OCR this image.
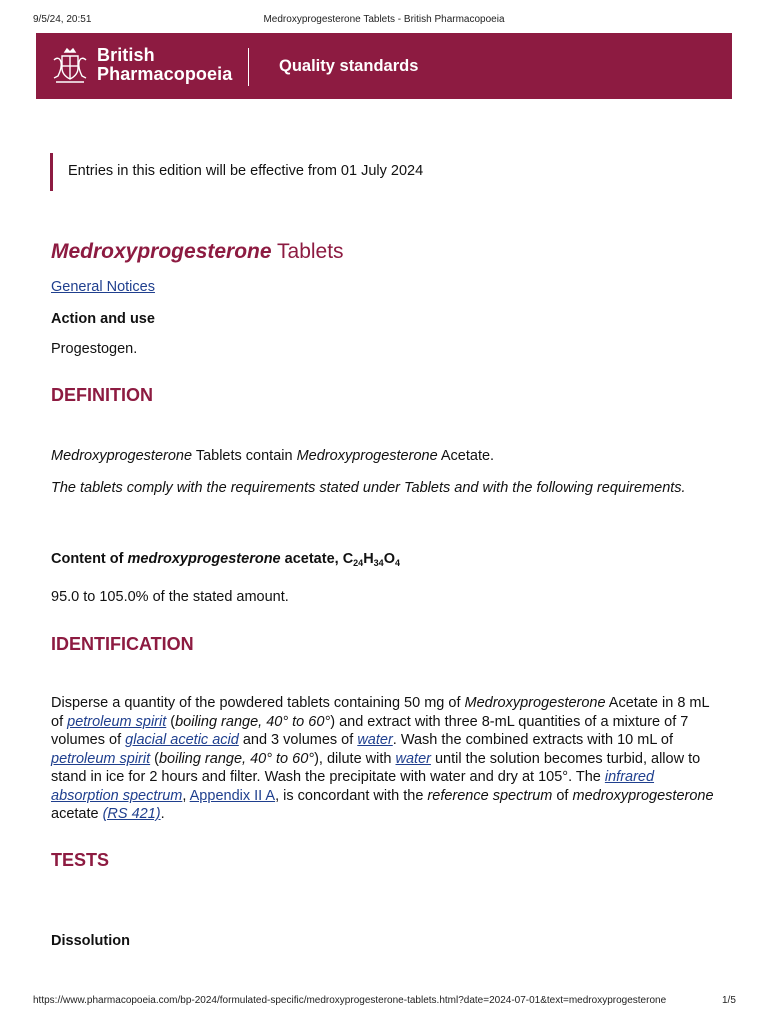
9/5/24, 20:51	Medroxyprogesterone Tablets - British Pharmacopoeia
British
Pharmacopoeia	Quality standards
Entries in this edition will be effective from 01 July 2024
Medroxyprogesterone Tablets
General Notices
Action and use

Progestogen.

DEFINITION

Medroxyprogesterone Tablets contain Medroxyprogesterone Acetate.

The tablets comply with the requirements stated under Tablets and with the following requirements.

Content of medroxyprogesterone acetate, $C_{24}H_{34}O_4$

95.0 to 105.0% of the stated amount.

IDENTIFICATION

Disperse a quantity of the powdered tablets containing 50 mg of Medroxyprogesterone Acetate in 8 mL of petroleum spirit (boiling range, 40° to 60°) and extract with three 8-mL quantities of a mixture of 7 volumes of glacial acetic acid and 3 volumes of water. Wash the combined extracts with 10 mL of petroleum spirit (boiling range, 40° to 60°), dilute with water until the solution becomes turbid, allow to stand in ice for 2 hours and filter. Wash the precipitate with water and dry at 105°. The infrared absorption spectrum, Appendix II A, is concordant with the reference spectrum of medroxyprogesterone acetate (RS 421).

TESTS
Dissolution
https://www.pharmacopoeia.com/bp-2024/formulated-specific/medroxyprogesterone-tablets.html?date=2024-07-01&text=medroxyprogesterone	1/5
